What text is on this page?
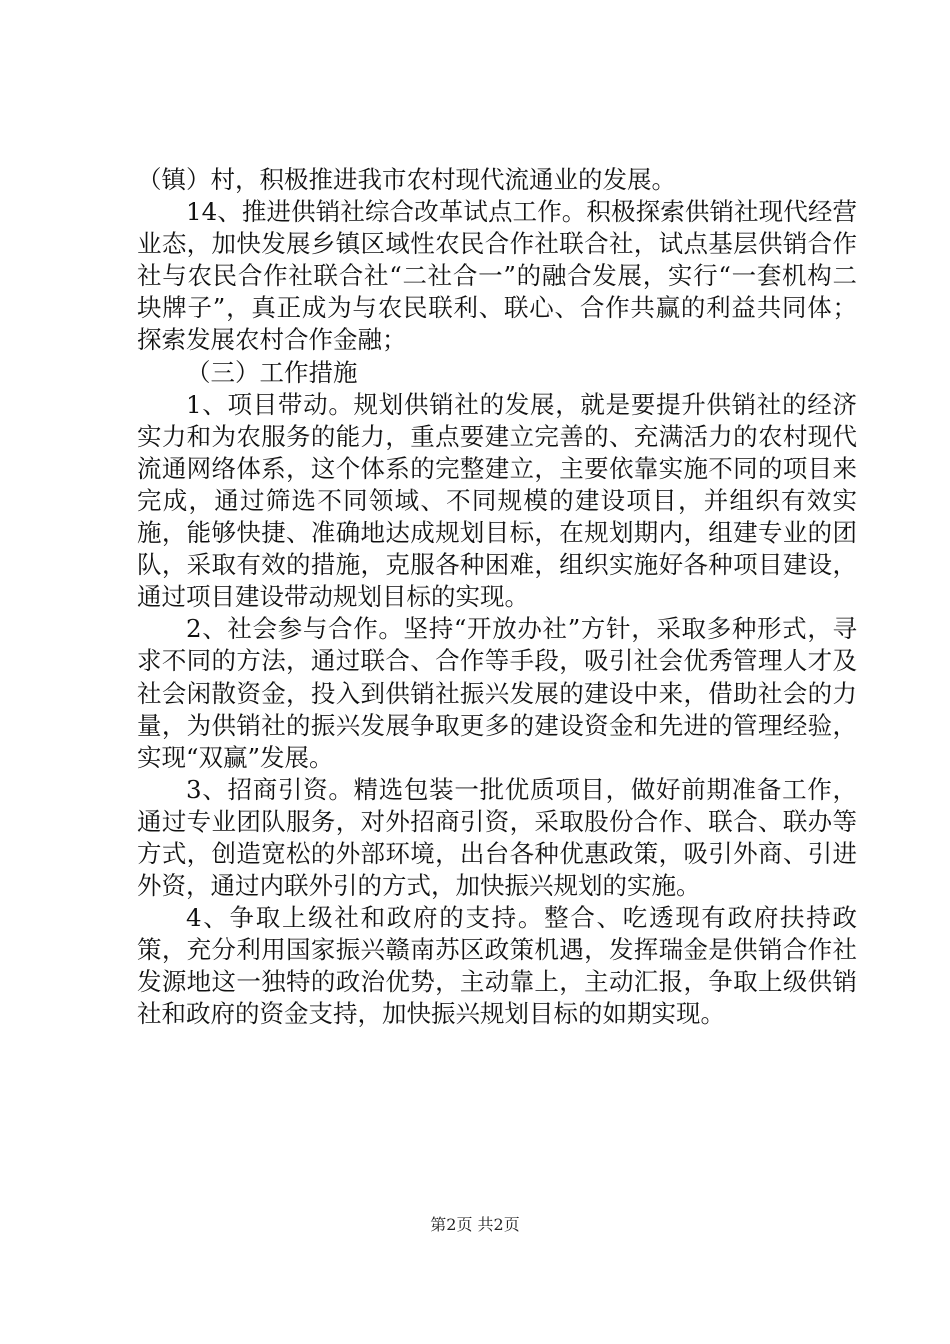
（镇）村，积极推进我市农村现代流通业的发展。

14、推进供销社综合改革试点工作。积极探索供销社现代经营业态，加快发展乡镇区域性农民合作社联合社，试点基层供销合作社与农民合作社联合社“二社合一”的融合发展，实行“一套机构二块牌子”，真正成为与农民联利、联心、合作共赢的利益共同体；探索发展农村合作金融；

（三）工作措施

1、项目带动。规划供销社的发展，就是要提升供销社的经济实力和为农服务的能力，重点要建立完善的、充满活力的农村现代流通网络体系，这个体系的完整建立，主要依靠实施不同的项目来完成，通过筛选不同领域、不同规模的建设项目，并组织有效实施，能够快捷、准确地达成规划目标，在规划期内，组建专业的团队，采取有效的措施，克服各种困难，组织实施好各种项目建设，通过项目建设带动规划目标的实现。

2、社会参与合作。坚持“开放办社”方针，采取多种形式，寻求不同的方法，通过联合、合作等手段，吸引社会优秀管理人才及社会闲散资金，投入到供销社振兴发展的建设中来，借助社会的力量，为供销社的振兴发展争取更多的建设资金和先进的管理经验，实现“双赢”发展。

3、招商引资。精选包装一批优质项目，做好前期准备工作，通过专业团队服务，对外招商引资，采取股份合作、联合、联办等方式，创造宽松的外部环境，出台各种优惠政策，吸引外商、引进外资，通过内联外引的方式，加快振兴规划的实施。

4、争取上级社和政府的支持。整合、吃透现有政府扶持政策，充分利用国家振兴赣南苏区政策机遇，发挥瑞金是供销合作社发源地这一独特的政治优势，主动靠上，主动汇报，争取上级供销社和政府的资金支持，加快振兴规划目标的如期实现。

第2页 共2页
